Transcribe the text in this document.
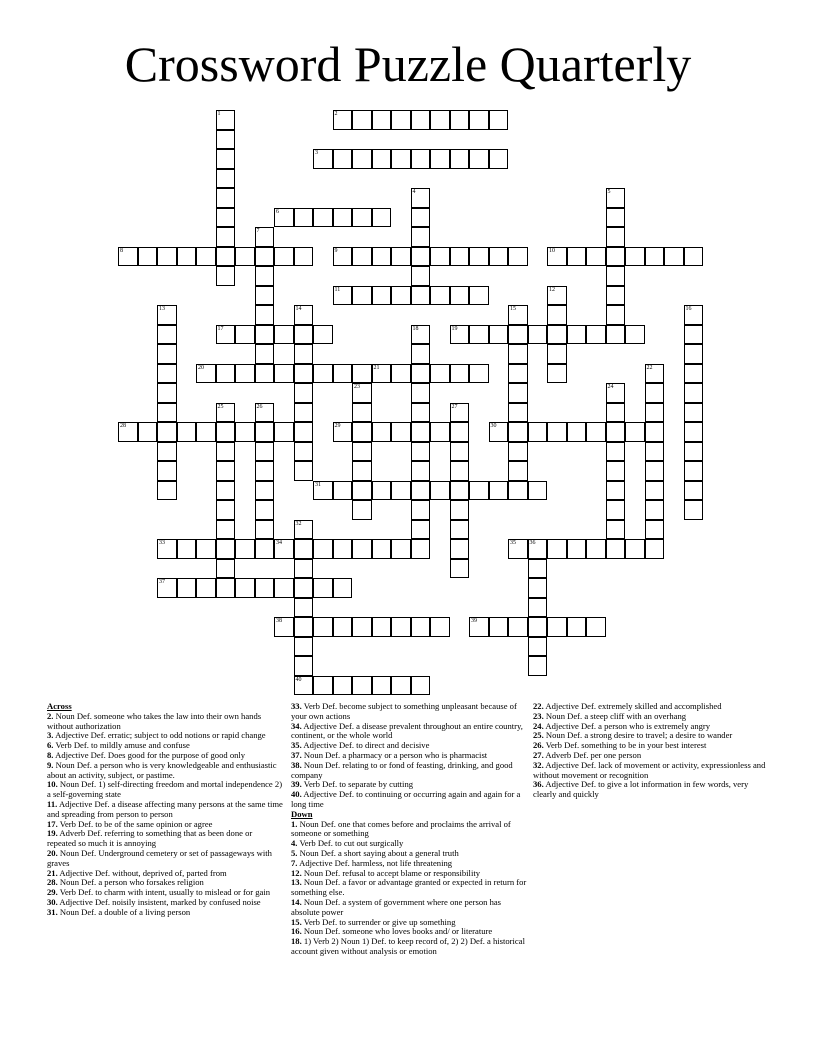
Crossword Puzzle Quarterly
1	2
3
4	5
6
7
8	9	10
11	12
13	14	15	16
17	18	19
20	21	22
23	24
25	26	27
28	29	30
31
32
33	34	35 36
37
38	39
40
Across
2. Noun Def. someone who takes the law into their own hands without authorization
3. Adjective Def. erratic; subject to odd notions or rapid change
6. Verb Def. to mildly amuse and confuse
8. Adjective Def. Does good for the purpose of good only
9. Noun Def. a person who is very knowledgeable and enthusiastic about an activity, subject, or pastime.
10. Noun Def. 1) self-directing freedom and mortal independence 2) a self-governing state
11. Adjective Def. a disease affecting many persons at the same time and spreading from person to person
17. Verb Def. to be of the same opinion or agree
19. Adverb Def. referring to something that as been done or repeated so much it is annoying
20. Noun Def. Underground cemetery or set of passageways with graves
21. Adjective Def. without, deprived of, parted from
28. Noun Def. a person who forsakes religion
29. Verb Def. to charm with intent, usually to mislead or for gain
30. Adjective Def. noisily insistent, marked by confused noise
31. Noun Def. a double of a living person
33. Verb Def. become subject to something unpleasant because of your own actions
34. Adjective Def. a disease prevalent throughout an entire country, continent, or the whole world
35. Adjective Def. to direct and decisive
37. Noun Def. a pharmacy or a person who is pharmacist
38. Noun Def. relating to or fond of feasting, drinking, and good company
39. Verb Def. to separate by cutting
40. Adjective Def. to continuing or occurring again and again for a long time
Down
1. Noun Def. one that comes before and proclaims the arrival of someone or something
4. Verb Def. to cut out surgically
5. Noun Def. a short saying about a general truth
7. Adjective Def. harmless, not life threatening
12. Noun Def. refusal to accept blame or responsibility
13. Noun Def. a favor or advantage granted or expected in return for something else.
14. Noun Def. a system of government where one person has absolute power
15. Verb Def. to surrender or give up something
16. Noun Def. someone who loves books and/ or literature
18. 1) Verb 2) Noun 1) Def. to keep record of, 2) 2) Def. a historical account given without analysis or emotion
22. Adjective Def. extremely skilled and accomplished
23. Noun Def. a steep cliff with an overhang
24. Adjective Def. a person who is extremely angry
25. Noun Def. a strong desire to travel; a desire to wander
26. Verb Def. something to be in your best interest
27. Adverb Def. per one person
32. Adjective Def. lack of movement or activity, expressionless and without movement or recognition
36. Adjective Def. to give a lot information in few words, very clearly and quickly
